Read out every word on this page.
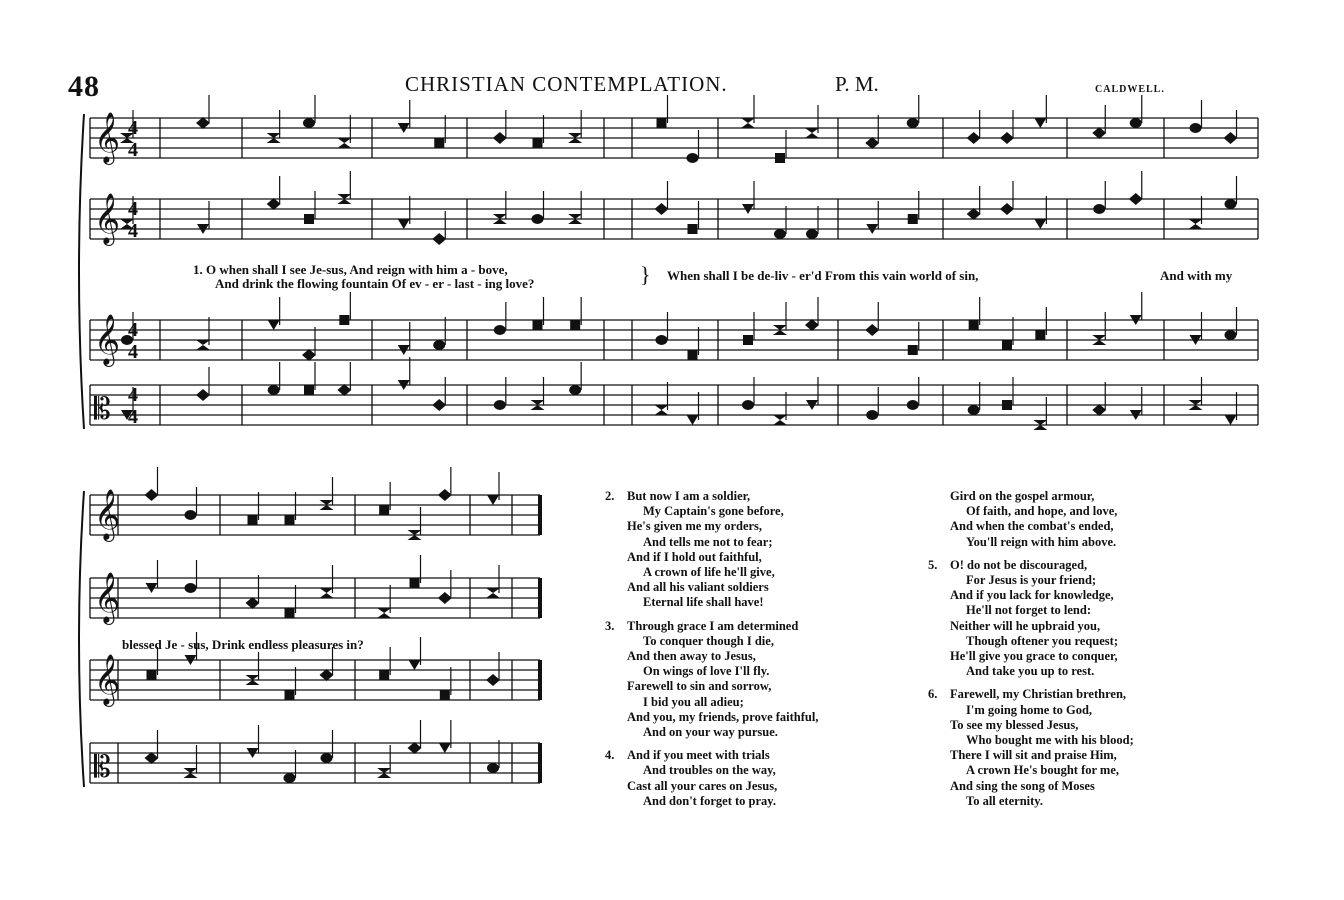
48	CHRISTIAN CONTEMPLATION.	P. M.	CALDWELL.
𝄞
𝄞
𝄞
𝄡
𝄞
𝄞
𝄞
𝄡
4
4
4
4
4
4
4
4
1. O when shall I see Je-sus, And reign with him a - bove,
And drink the flowing fountain Of ev - er - last - ing love?	} When shall I be de-liv - er'd From this vain world of sin,	And with my
blessed Je - sus, Drink endless pleasures in?
2. But now I am a soldier,
My Captain's gone before,
He's given me my orders,
And tells me not to fear;
And if I hold out faithful,
A crown of life he'll give,
And all his valiant soldiers
Eternal life shall have!
3. Through grace I am determined
To conquer though I die,
And then away to Jesus,
On wings of love I'll fly.
Farewell to sin and sorrow,
I bid you all adieu;
And you, my friends, prove faithful,
And on your way pursue.
4. And if you meet with trials
And troubles on the way,
Cast all your cares on Jesus,
And don't forget to pray.
Gird on the gospel armour,
Of faith, and hope, and love,
And when the combat's ended,
You'll reign with him above.
5. O! do not be discouraged,
For Jesus is your friend;
And if you lack for knowledge,
He'll not forget to lend:
Neither will he upbraid you,
Though oftener you request;
He'll give you grace to conquer,
And take you up to rest.
6. Farewell, my Christian brethren,
I'm going home to God,
To see my blessed Jesus,
Who bought me with his blood;
There I will sit and praise Him,
A crown He's bought for me,
And sing the song of Moses
To all eternity.
